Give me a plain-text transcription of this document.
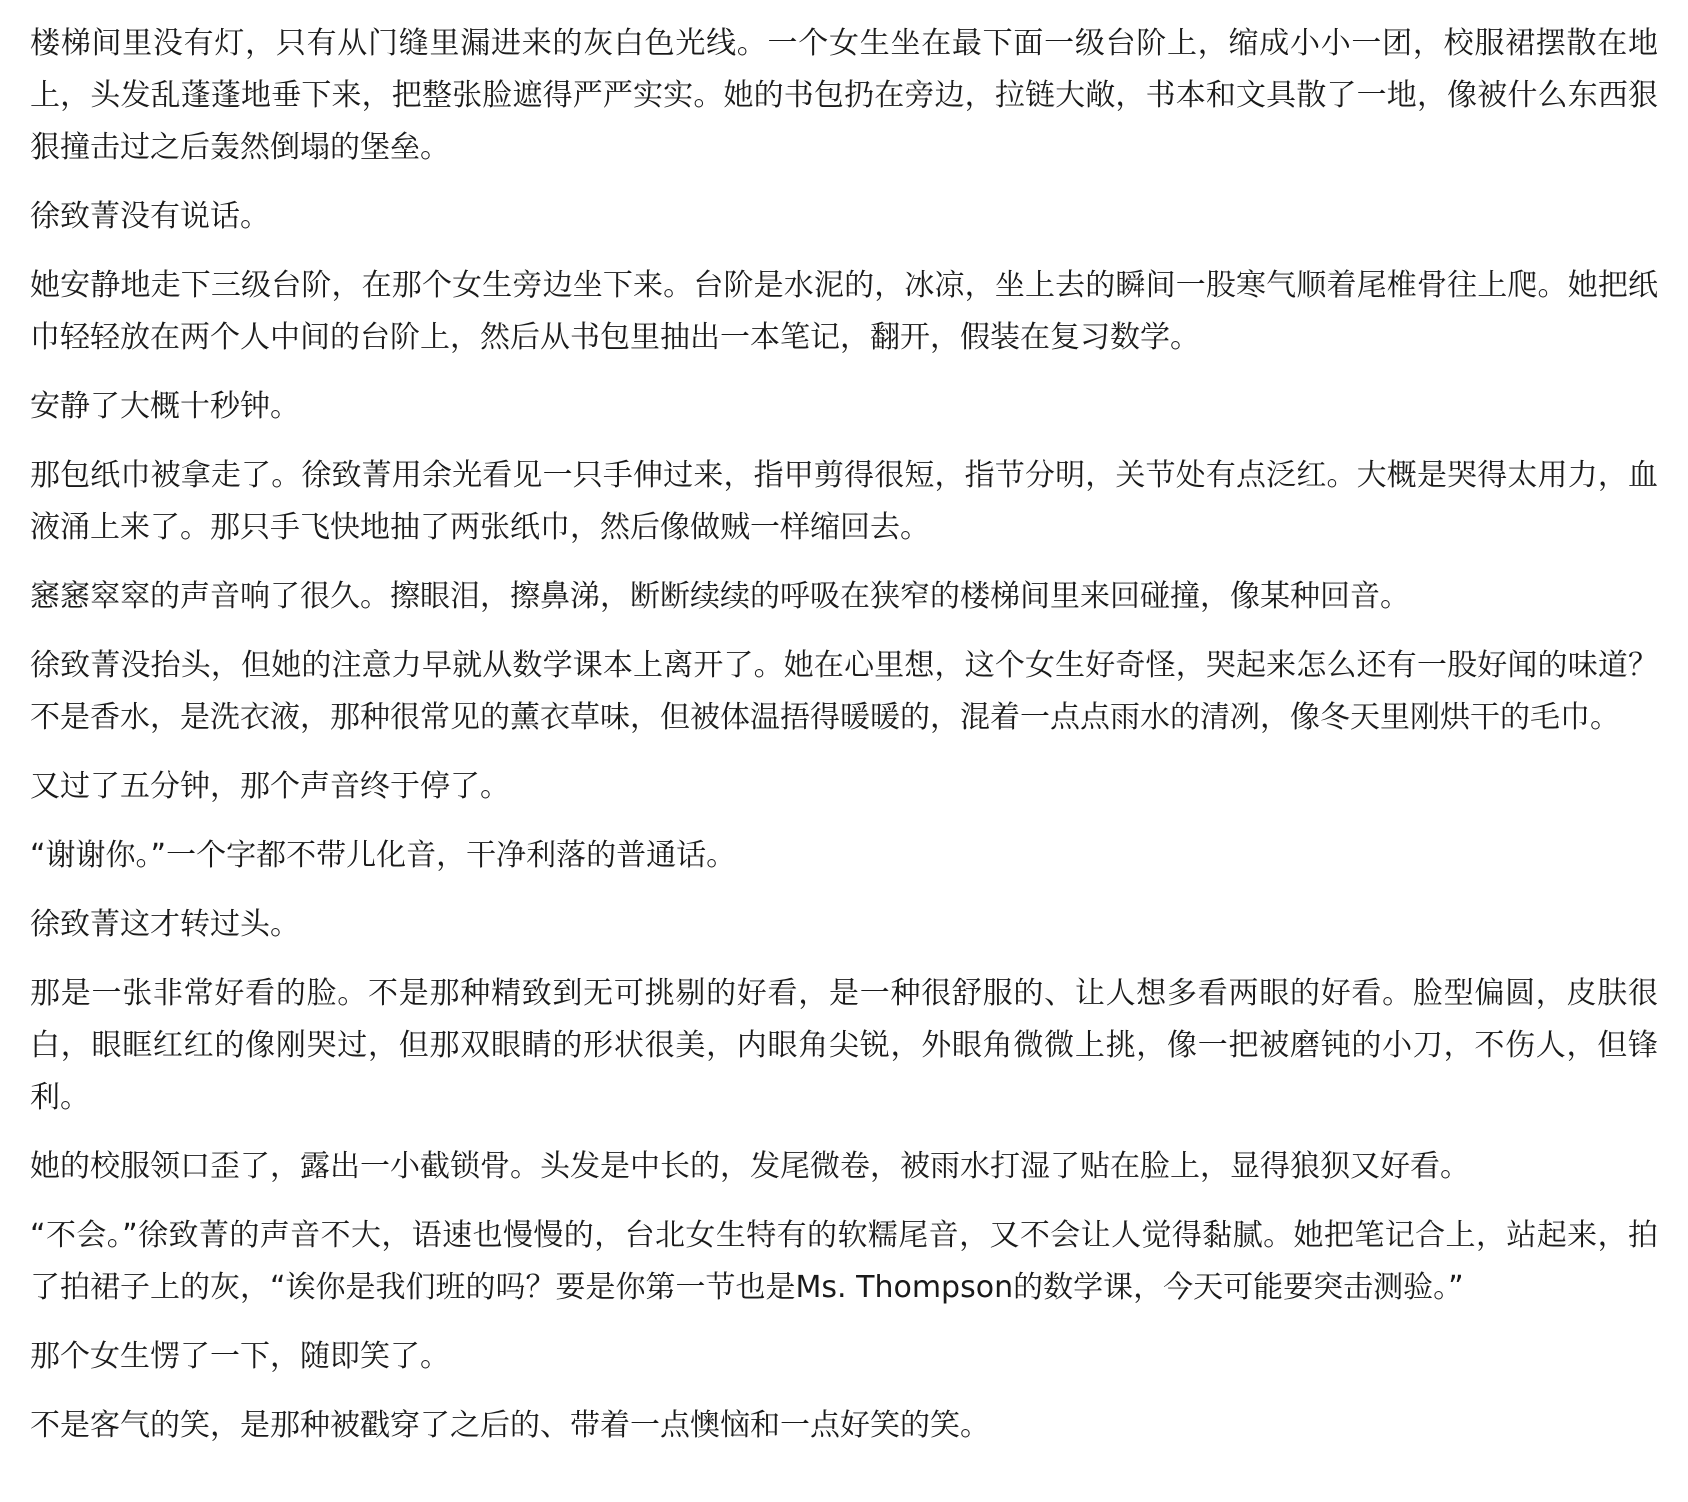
楼梯间里没有灯，只有从门缝里漏进来的灰白色光线。一个女生坐在最下面一级台阶上，缩成小小一团，校服裙摆散在地上，头发乱蓬蓬地垂下来，把整张脸遮得严严实实。她的书包扔在旁边，拉链大敞，书本和文具散了一地，像被什么东西狠狠撞击过之后轰然倒塌的堡垒。

徐致菁没有说话。

她安静地走下三级台阶，在那个女生旁边坐下来。台阶是水泥的，冰凉，坐上去的瞬间一股寒气顺着尾椎骨往上爬。她把纸巾轻轻放在两个人中间的台阶上，然后从书包里抽出一本笔记，翻开，假装在复习数学。

安静了大概十秒钟。

那包纸巾被拿走了。徐致菁用余光看见一只手伸过来，指甲剪得很短，指节分明，关节处有点泛红。大概是哭得太用力，血液涌上来了。那只手飞快地抽了两张纸巾，然后像做贼一样缩回去。

窸窸窣窣的声音响了很久。擦眼泪，擦鼻涕，断断续续的呼吸在狭窄的楼梯间里来回碰撞，像某种回音。

徐致菁没抬头，但她的注意力早就从数学课本上离开了。她在心里想，这个女生好奇怪，哭起来怎么还有一股好闻的味道？不是香水，是洗衣液，那种很常见的薰衣草味，但被体温捂得暖暖的，混着一点点雨水的清冽，像冬天里刚烘干的毛巾。

又过了五分钟，那个声音终于停了。

“谢谢你。”一个字都不带儿化音，干净利落的普通话。

徐致菁这才转过头。

那是一张非常好看的脸。不是那种精致到无可挑剔的好看，是一种很舒服的、让人想多看两眼的好看。脸型偏圆，皮肤很白，眼眶红红的像刚哭过，但那双眼睛的形状很美，内眼角尖锐，外眼角微微上挑，像一把被磨钝的小刀，不伤人，但锋利。

她的校服领口歪了，露出一小截锁骨。头发是中长的，发尾微卷，被雨水打湿了贴在脸上，显得狼狈又好看。

“不会。”徐致菁的声音不大，语速也慢慢的，台北女生特有的软糯尾音，又不会让人觉得黏腻。她把笔记合上，站起来，拍了拍裙子上的灰，“诶你是我们班的吗？要是你第一节也是Ms. Thompson的数学课，今天可能要突击测验。”

那个女生愣了一下，随即笑了。

不是客气的笑，是那种被戳穿了之后的、带着一点懊恼和一点好笑的笑。
